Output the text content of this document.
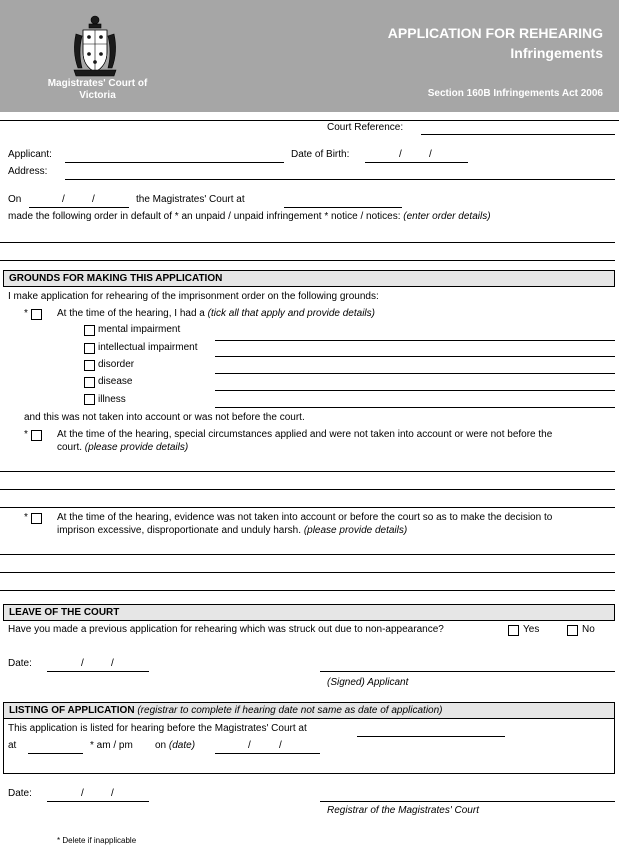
Magistrates' Court of Victoria
APPLICATION FOR REHEARING
Infringements
Section 160B Infringements Act 2006
Court Reference:
Applicant:	Date of Birth:	/	/
Address:
On	/	/	the Magistrates' Court at
made the following order in default of * an unpaid / unpaid infringement * notice / notices: (enter order details)
GROUNDS FOR MAKING THIS APPLICATION
I make application for rehearing of the imprisonment order on the following grounds:
*	At the time of the hearing, I had a (tick all that apply and provide details)
mental impairment
intellectual impairment
disorder
disease
illness
and this was not taken into account or was not before the court.
*	At the time of the hearing, special circumstances applied and were not taken into account or were not before the
court. (please provide details)
*	At the time of the hearing, evidence was not taken into account or before the court so as to make the decision to
imprison excessive, disproportionate and unduly harsh. (please provide details)
LEAVE OF THE COURT
Have you made a previous application for rehearing which was struck out due to non-appearance?	Yes	No
Date:	/	/
(Signed) Applicant
LISTING OF APPLICATION (registrar to complete if hearing date not same as date of application)
This application is listed for hearing before the Magistrates' Court at
at	* am / pm on (date)	/	/
Date:	/	/
Registrar of the Magistrates' Court
* Delete if inapplicable
